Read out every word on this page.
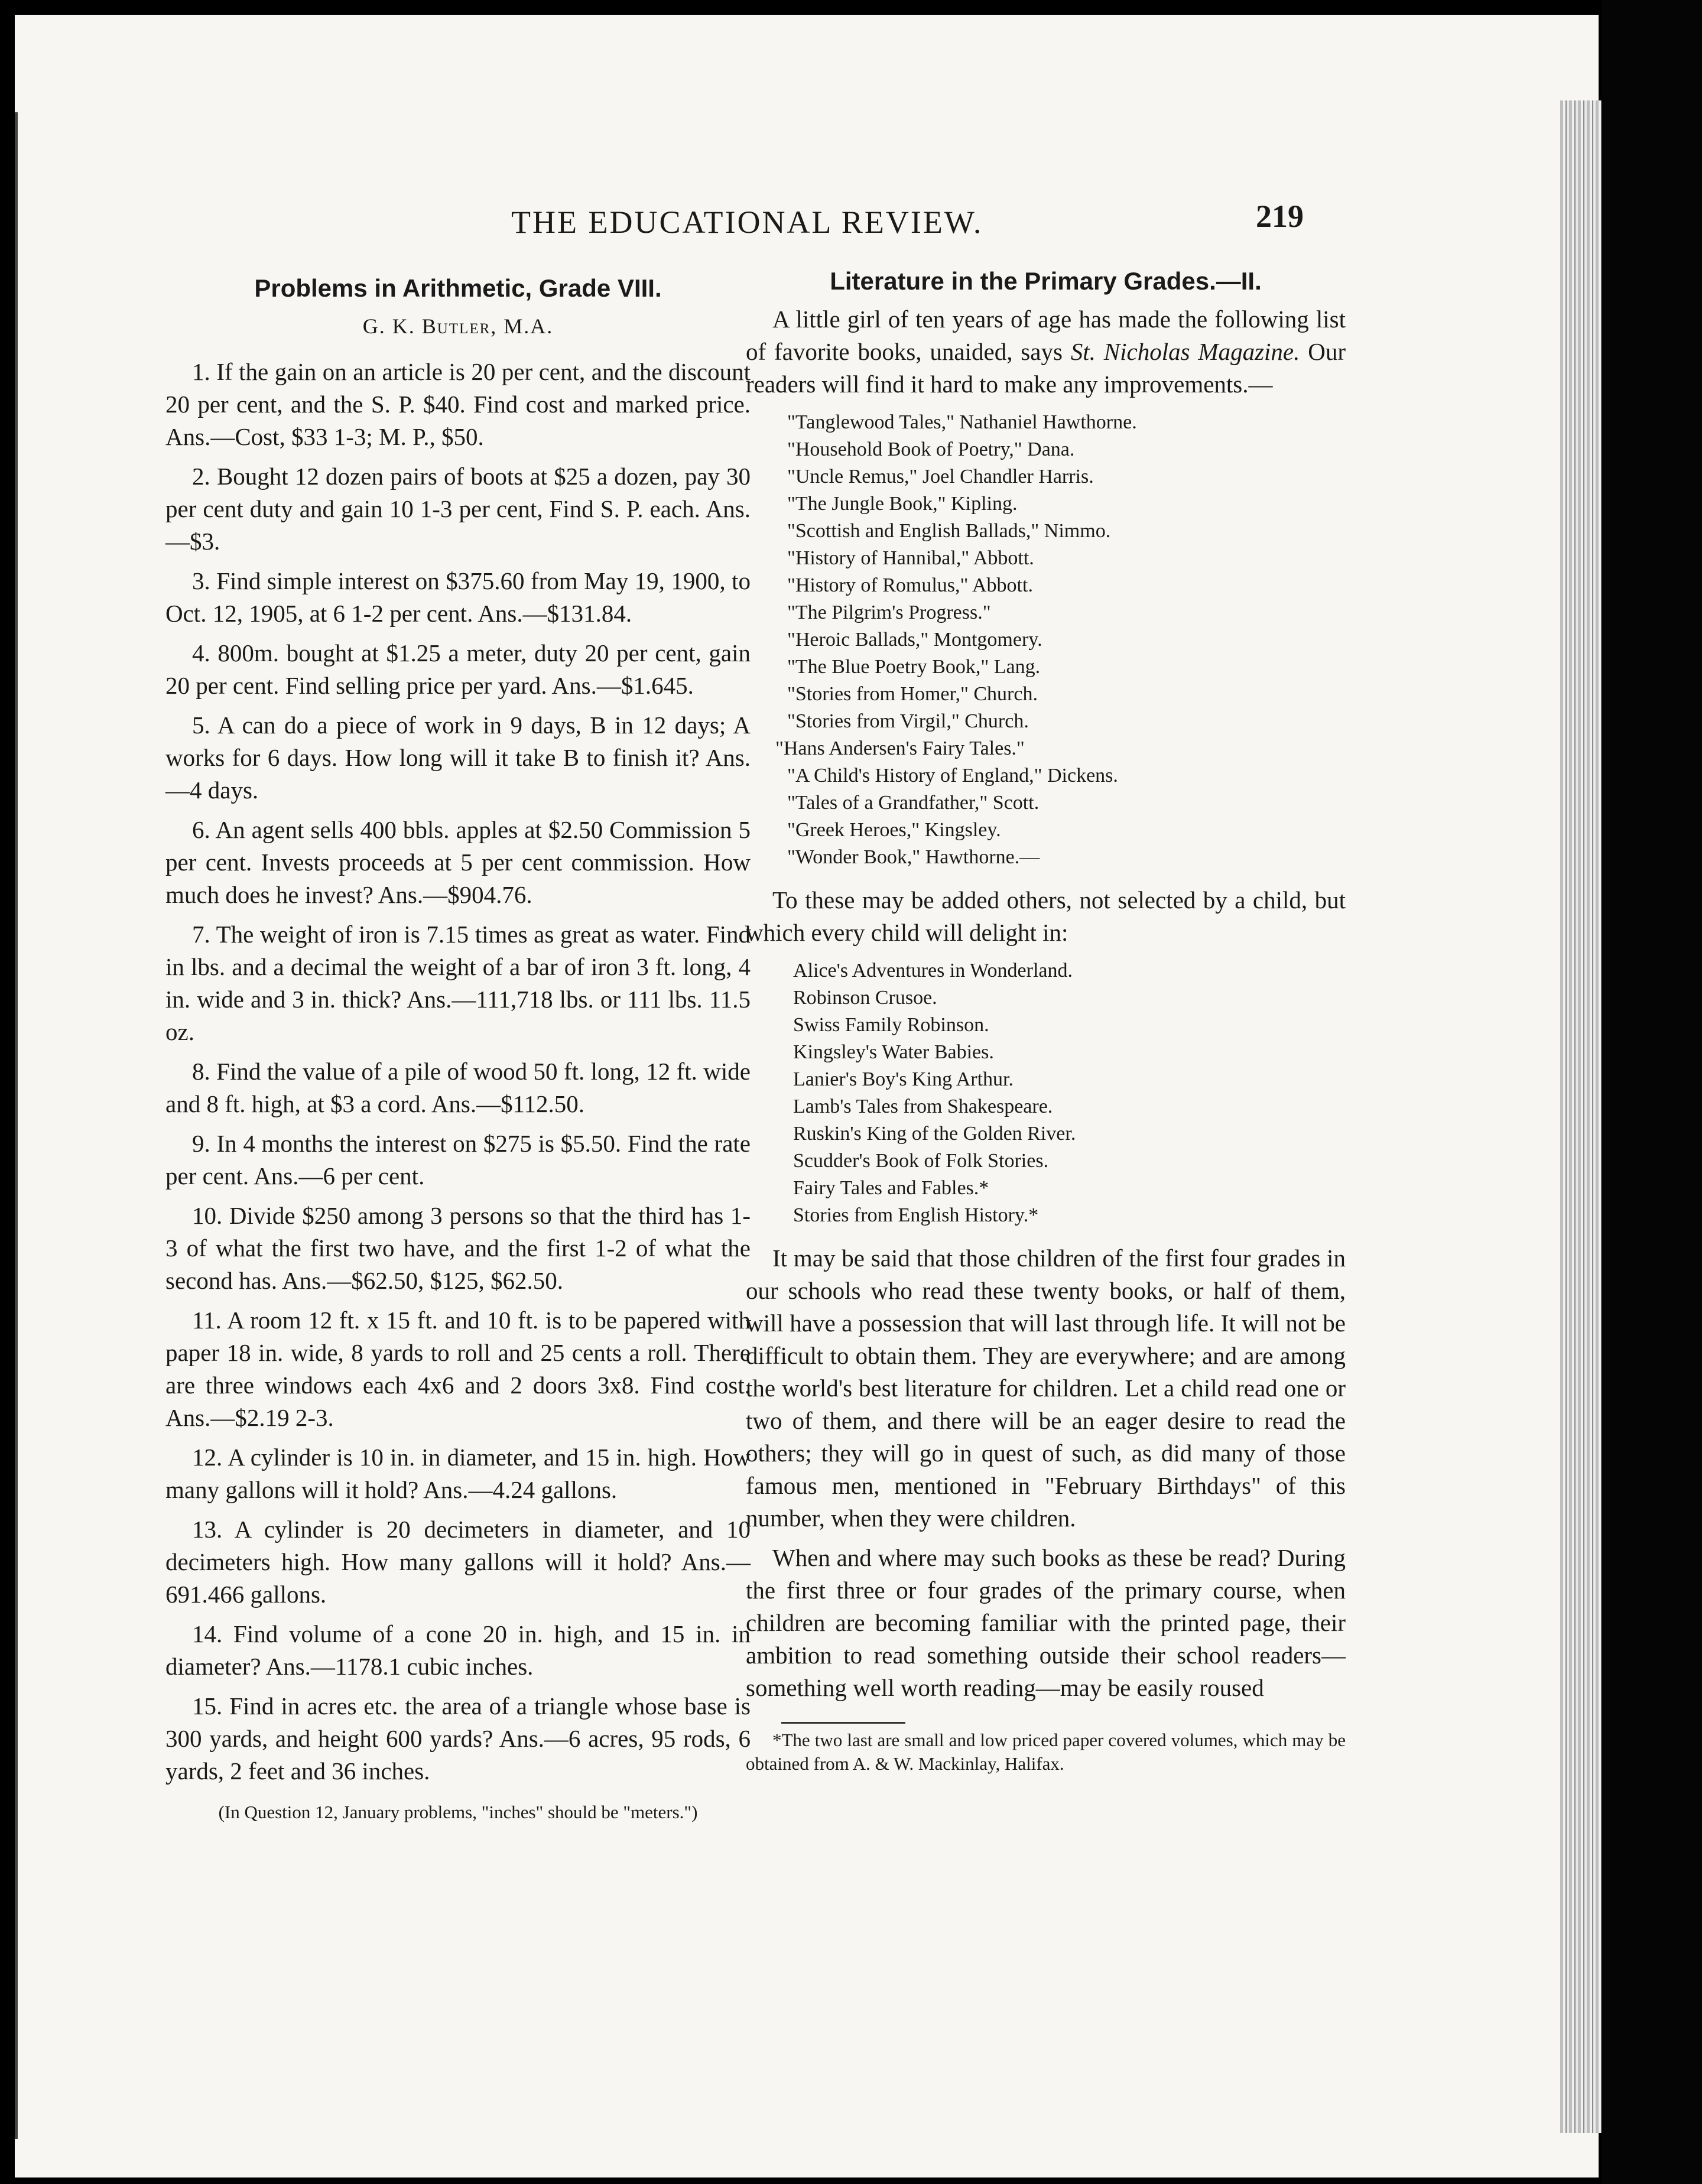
THE EDUCATIONAL REVIEW.	219
Problems in Arithmetic, Grade VIII.
G. K. Butler, M.A.

1. If the gain on an article is 20 per cent, and the discount 20 per cent, and the S. P. $40. Find cost and marked price. Ans.—Cost, $33 1-3; M. P., $50.

2. Bought 12 dozen pairs of boots at $25 a dozen, pay 30 per cent duty and gain 10 1-3 per cent, Find S. P. each. Ans.—$3.

3. Find simple interest on $375.60 from May 19, 1900, to Oct. 12, 1905, at 6 1-2 per cent. Ans.—$131.84.

4. 800m. bought at $1.25 a meter, duty 20 per cent, gain 20 per cent. Find selling price per yard. Ans.—$1.645.

5. A can do a piece of work in 9 days, B in 12 days; A works for 6 days. How long will it take B to finish it? Ans.—4 days.

6. An agent sells 400 bbls. apples at $2.50 Commission 5 per cent. Invests proceeds at 5 per cent commission. How much does he invest? Ans.—$904.76.

7. The weight of iron is 7.15 times as great as water. Find in lbs. and a decimal the weight of a bar of iron 3 ft. long, 4 in. wide and 3 in. thick? Ans.—111,718 lbs. or 111 lbs. 11.5 oz.

8. Find the value of a pile of wood 50 ft. long, 12 ft. wide and 8 ft. high, at $3 a cord. Ans.—$112.50.

9. In 4 months the interest on $275 is $5.50. Find the rate per cent. Ans.—6 per cent.

10. Divide $250 among 3 persons so that the third has 1-3 of what the first two have, and the first 1-2 of what the second has. Ans.—$62.50, $125, $62.50.

11. A room 12 ft. x 15 ft. and 10 ft. is to be papered with paper 18 in. wide, 8 yards to roll and 25 cents a roll. There are three windows each 4x6 and 2 doors 3x8. Find cost. Ans.—$2.19 2-3.

12. A cylinder is 10 in. in diameter, and 15 in. high. How many gallons will it hold? Ans.—4.24 gallons.

13. A cylinder is 20 decimeters in diameter, and 10 decimeters high. How many gallons will it hold? Ans.—691.466 gallons.

14. Find volume of a cone 20 in. high, and 15 in. in diameter? Ans.—1178.1 cubic inches.

15. Find in acres etc. the area of a triangle whose base is 300 yards, and height 600 yards? Ans.—6 acres, 95 rods, 6 yards, 2 feet and 36 inches.

(In Question 12, January problems, "inches" should be "meters.")
Literature in the Primary Grades.—II.

A little girl of ten years of age has made the following list of favorite books, unaided, says St. Nicholas Magazine. Our readers will find it hard to make any improvements.—

"Tanglewood Tales," Nathaniel Hawthorne.
"Household Book of Poetry," Dana.
"Uncle Remus," Joel Chandler Harris.
"The Jungle Book," Kipling.
"Scottish and English Ballads," Nimmo.
"History of Hannibal," Abbott.
"History of Romulus," Abbott.
"The Pilgrim's Progress."
"Heroic Ballads," Montgomery.
"The Blue Poetry Book," Lang.
"Stories from Homer," Church.
"Stories from Virgil," Church.
"Hans Andersen's Fairy Tales."
"A Child's History of England," Dickens.
"Tales of a Grandfather," Scott.
"Greek Heroes," Kingsley.
"Wonder Book," Hawthorne.—

To these may be added others, not selected by a child, but which every child will delight in:

Alice's Adventures in Wonderland.
Robinson Crusoe.
Swiss Family Robinson.
Kingsley's Water Babies.
Lanier's Boy's King Arthur.
Lamb's Tales from Shakespeare.
Ruskin's King of the Golden River.
Scudder's Book of Folk Stories.
Fairy Tales and Fables.*
Stories from English History.*

It may be said that those children of the first four grades in our schools who read these twenty books, or half of them, will have a possession that will last through life. It will not be difficult to obtain them. They are everywhere; and are among the world's best literature for children. Let a child read one or two of them, and there will be an eager desire to read the others; they will go in quest of such, as did many of those famous men, mentioned in "February Birthdays" of this number, when they were children.

When and where may such books as these be read? During the first three or four grades of the primary course, when children are becoming familiar with the printed page, their ambition to read something outside their school readers—something well worth reading—may be easily roused

*The two last are small and low priced paper covered volumes, which may be obtained from A. & W. Mackinlay, Halifax.
